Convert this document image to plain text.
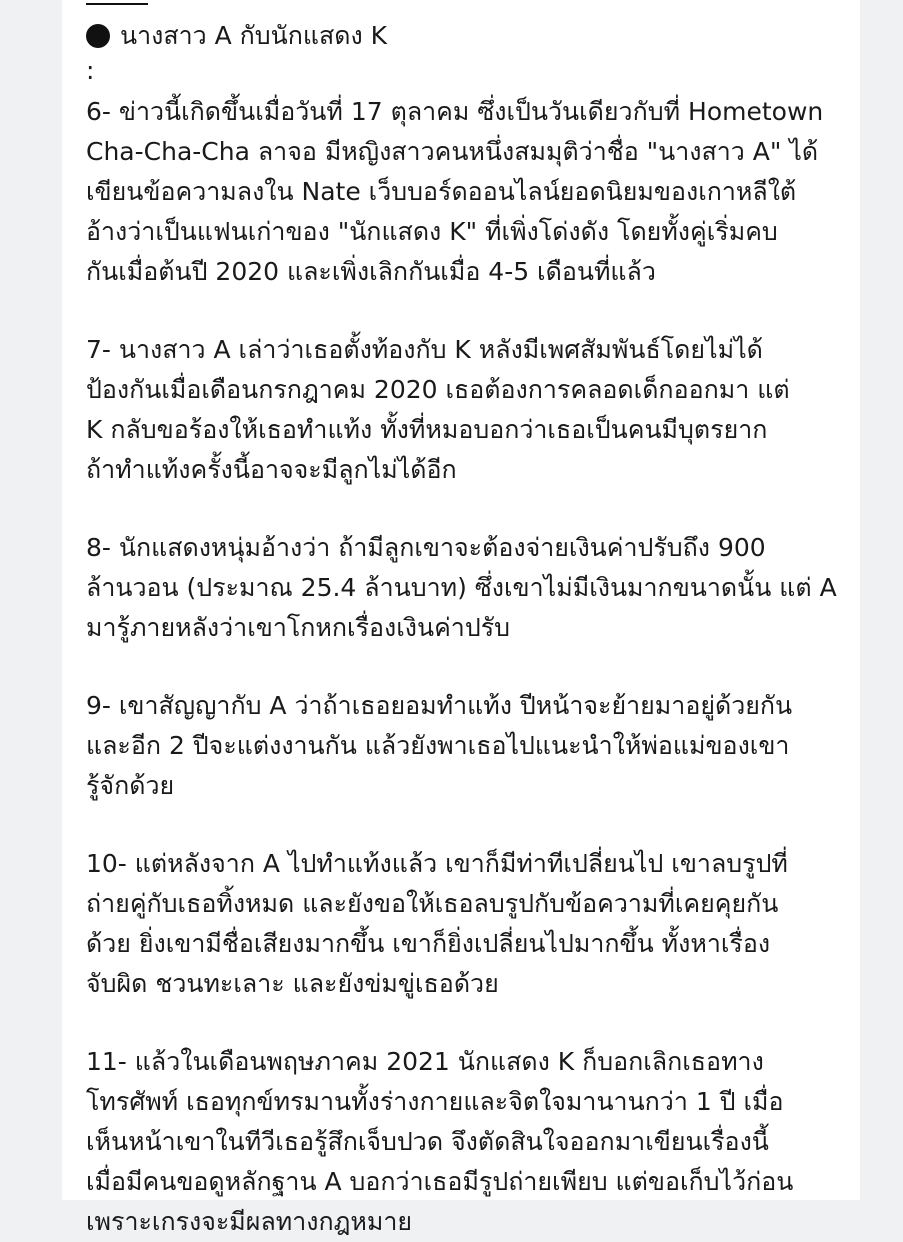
นางสาว A กับนักแสดง K
:

6- ข่าวนี้เกิดขึ้นเมื่อวันที่ 17 ตุลาคม ซึ่งเป็นวันเดียวกับที่ Hometown
Cha-Cha-Cha ลาจอ มีหญิงสาวคนหนึ่งสมมุติว่าชื่อ "นางสาว A" ได้
เขียนข้อความลงใน Nate เว็บบอร์ดออนไลน์ยอดนิยมของเกาหลีใต้
อ้างว่าเป็นแฟนเก่าของ "นักแสดง K" ที่เพิ่งโด่งดัง โดยทั้งคู่เริ่มคบ
กันเมื่อต้นปี 2020 และเพิ่งเลิกกันเมื่อ 4-5 เดือนที่แล้ว

7- นางสาว A เล่าว่าเธอตั้งท้องกับ K หลังมีเพศสัมพันธ์โดยไม่ได้
ป้องกันเมื่อเดือนกรกฎาคม 2020 เธอต้องการคลอดเด็กออกมา แต่
K กลับขอร้องให้เธอทำแท้ง ทั้งที่หมอบอกว่าเธอเป็นคนมีบุตรยาก
ถ้าทำแท้งครั้งนี้อาจจะมีลูกไม่ได้อีก

8- นักแสดงหนุ่มอ้างว่า ถ้ามีลูกเขาจะต้องจ่ายเงินค่าปรับถึง 900
ล้านวอน (ประมาณ 25.4 ล้านบาท) ซึ่งเขาไม่มีเงินมากขนาดนั้น แต่ A
มารู้ภายหลังว่าเขาโกหกเรื่องเงินค่าปรับ

9- เขาสัญญากับ A ว่าถ้าเธอยอมทำแท้ง ปีหน้าจะย้ายมาอยู่ด้วยกัน
และอีก 2 ปีจะแต่งงานกัน แล้วยังพาเธอไปแนะนำให้พ่อแม่ของเขา
รู้จักด้วย

10- แต่หลังจาก A ไปทำแท้งแล้ว เขาก็มีท่าทีเปลี่ยนไป เขาลบรูปที่
ถ่ายคู่กับเธอทิ้งหมด และยังขอให้เธอลบรูปกับข้อความที่เคยคุยกัน
ด้วย ยิ่งเขามีชื่อเสียงมากขึ้น เขาก็ยิ่งเปลี่ยนไปมากขึ้น ทั้งหาเรื่อง
จับผิด ชวนทะเลาะ และยังข่มขู่เธอด้วย

11- แล้วในเดือนพฤษภาคม 2021 นักแสดง K ก็บอกเลิกเธอทาง
โทรศัพท์ เธอทุกข์ทรมานทั้งร่างกายและจิตใจมานานกว่า 1 ปี เมื่อ
เห็นหน้าเขาในทีวีเธอรู้สึกเจ็บปวด จึงตัดสินใจออกมาเขียนเรื่องนี้
เมื่อมีคนขอดูหลักฐาน A บอกว่าเธอมีรูปถ่ายเพียบ แต่ขอเก็บไว้ก่อน
เพราะเกรงจะมีผลทางกฎหมาย
